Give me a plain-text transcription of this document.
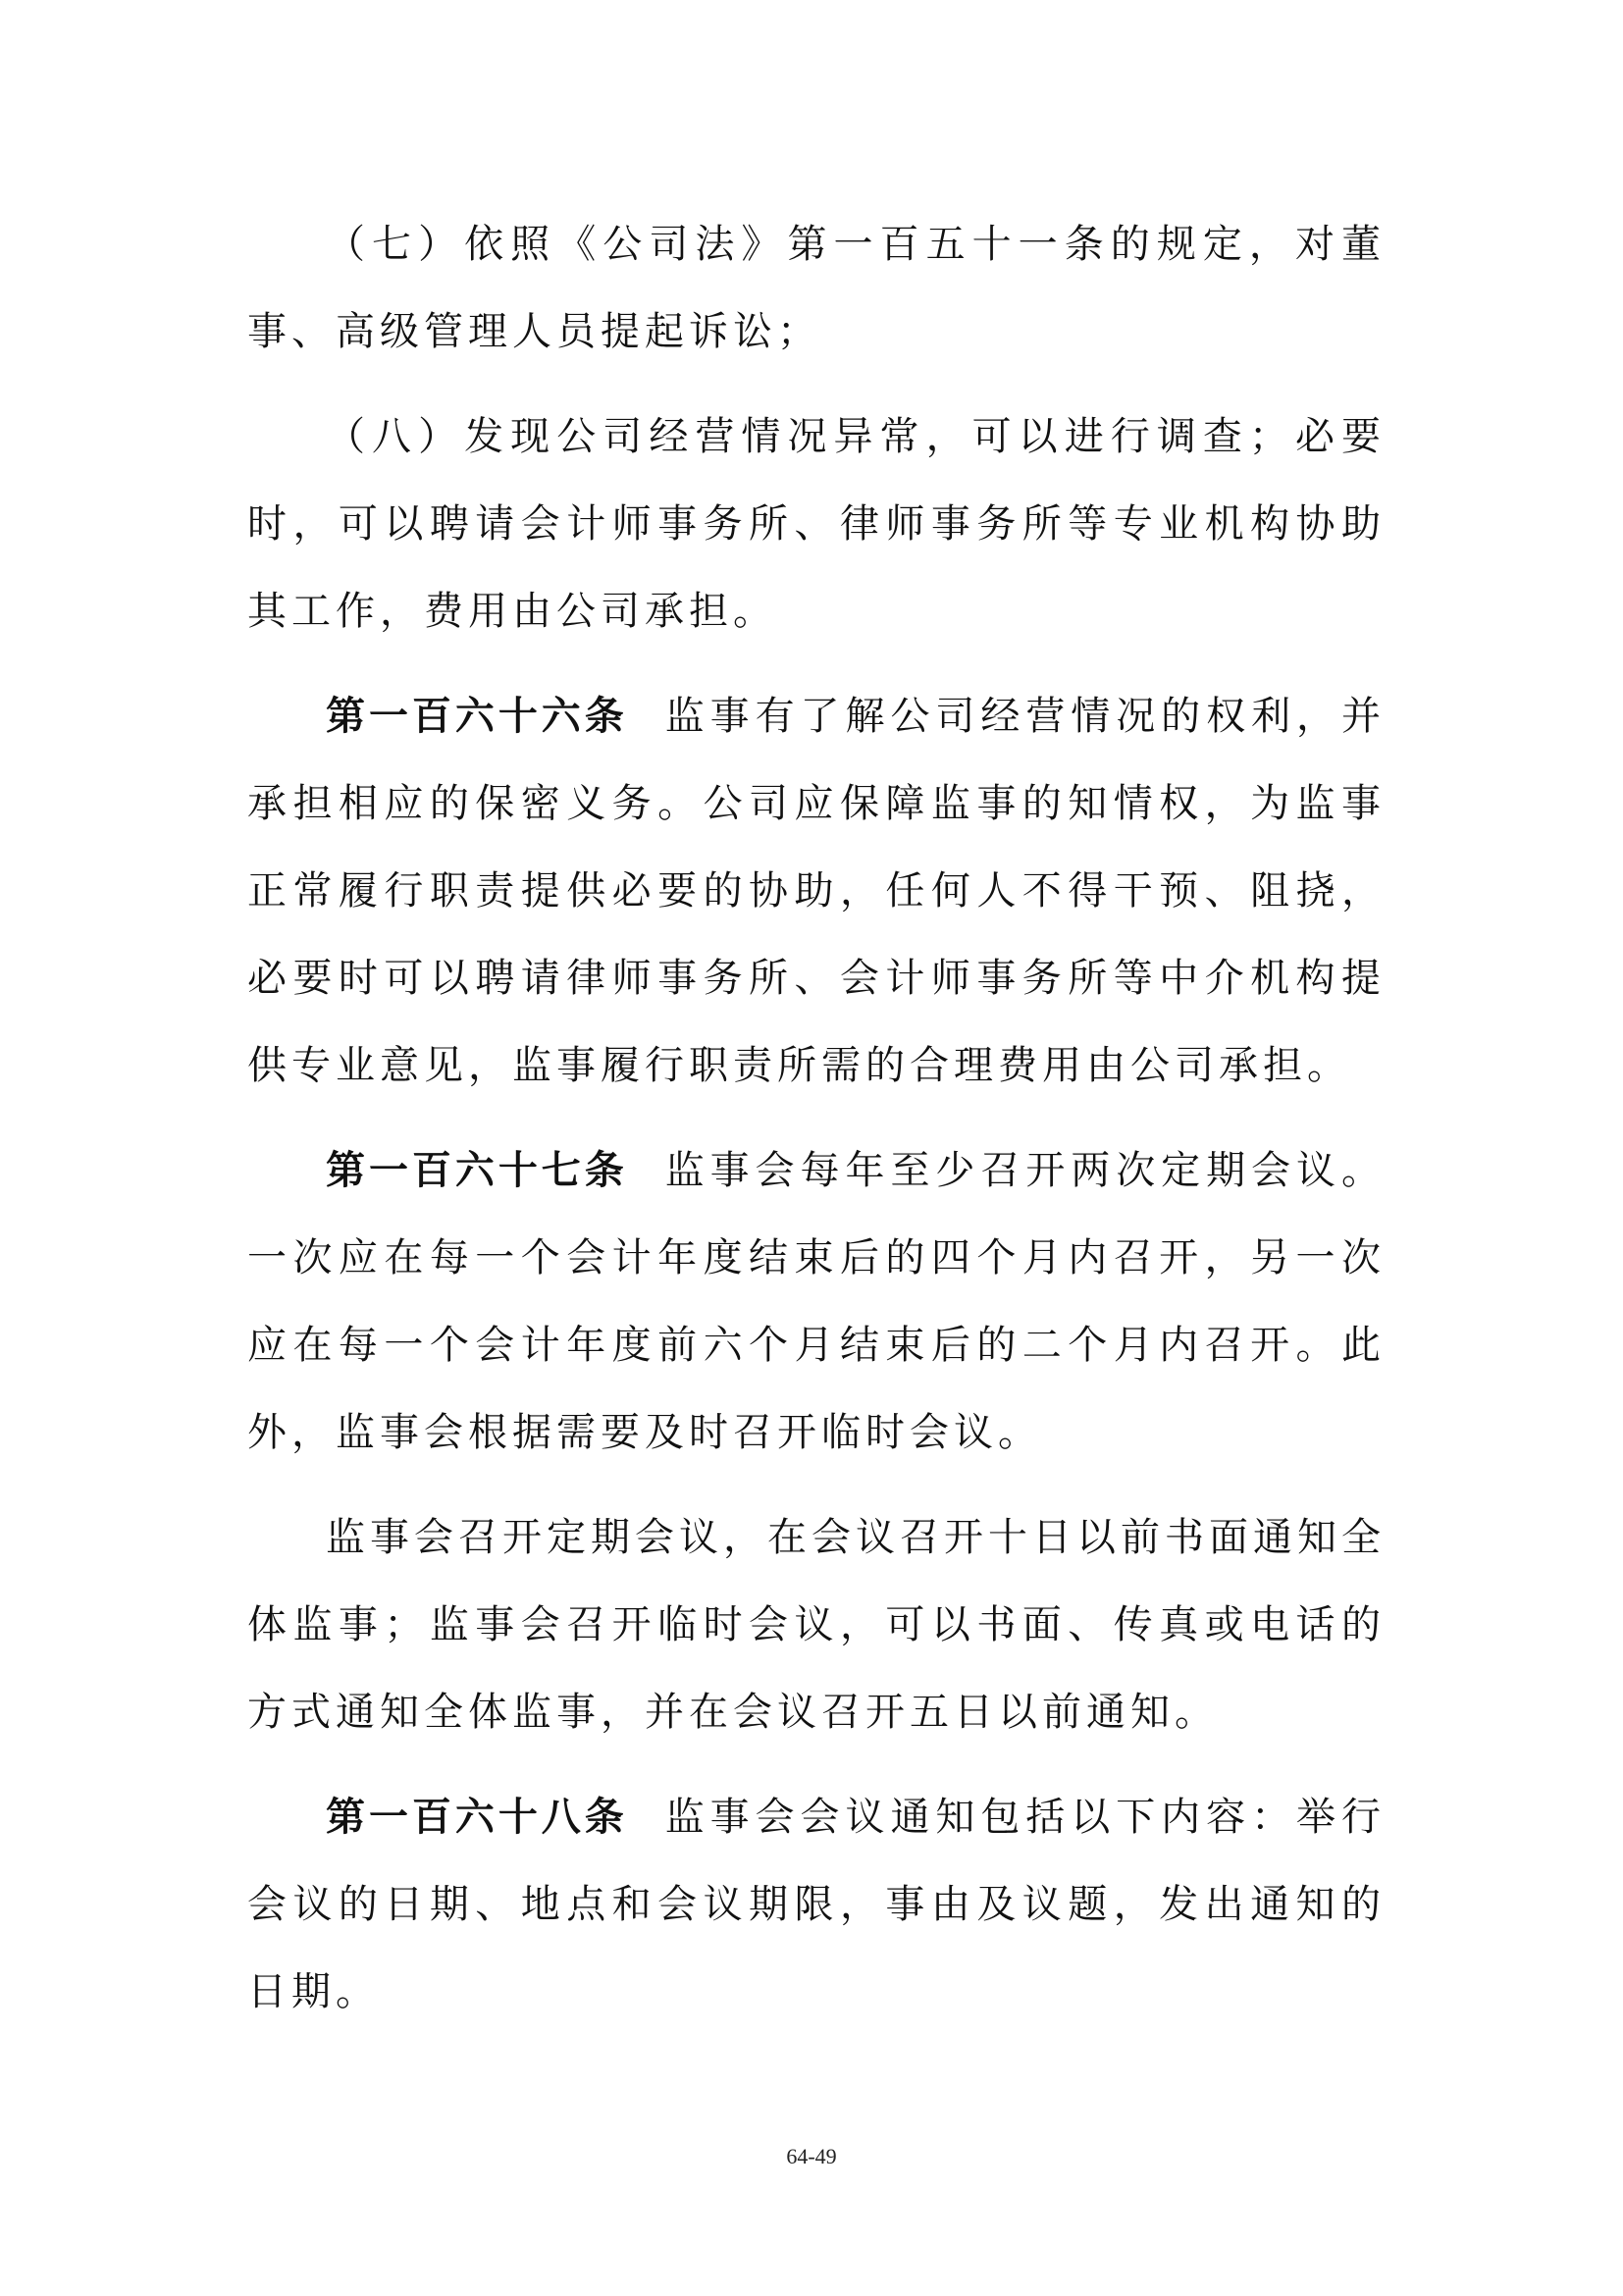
（七）依照《公司法》第一百五十一条的规定，对董事、高级管理人员提起诉讼；

（八）发现公司经营情况异常，可以进行调查；必要时，可以聘请会计师事务所、律师事务所等专业机构协助其工作，费用由公司承担。

第一百六十六条 监事有了解公司经营情况的权利，并承担相应的保密义务。公司应保障监事的知情权，为监事正常履行职责提供必要的协助，任何人不得干预、阻挠，必要时可以聘请律师事务所、会计师事务所等中介机构提供专业意见，监事履行职责所需的合理费用由公司承担。

第一百六十七条 监事会每年至少召开两次定期会议。一次应在每一个会计年度结束后的四个月内召开，另一次应在每一个会计年度前六个月结束后的二个月内召开。此外，监事会根据需要及时召开临时会议。

监事会召开定期会议，在会议召开十日以前书面通知全体监事；监事会召开临时会议，可以书面、传真或电话的方式通知全体监事，并在会议召开五日以前通知。

第一百六十八条 监事会会议通知包括以下内容：举行会议的日期、地点和会议期限，事由及议题，发出通知的日期。

64-49
